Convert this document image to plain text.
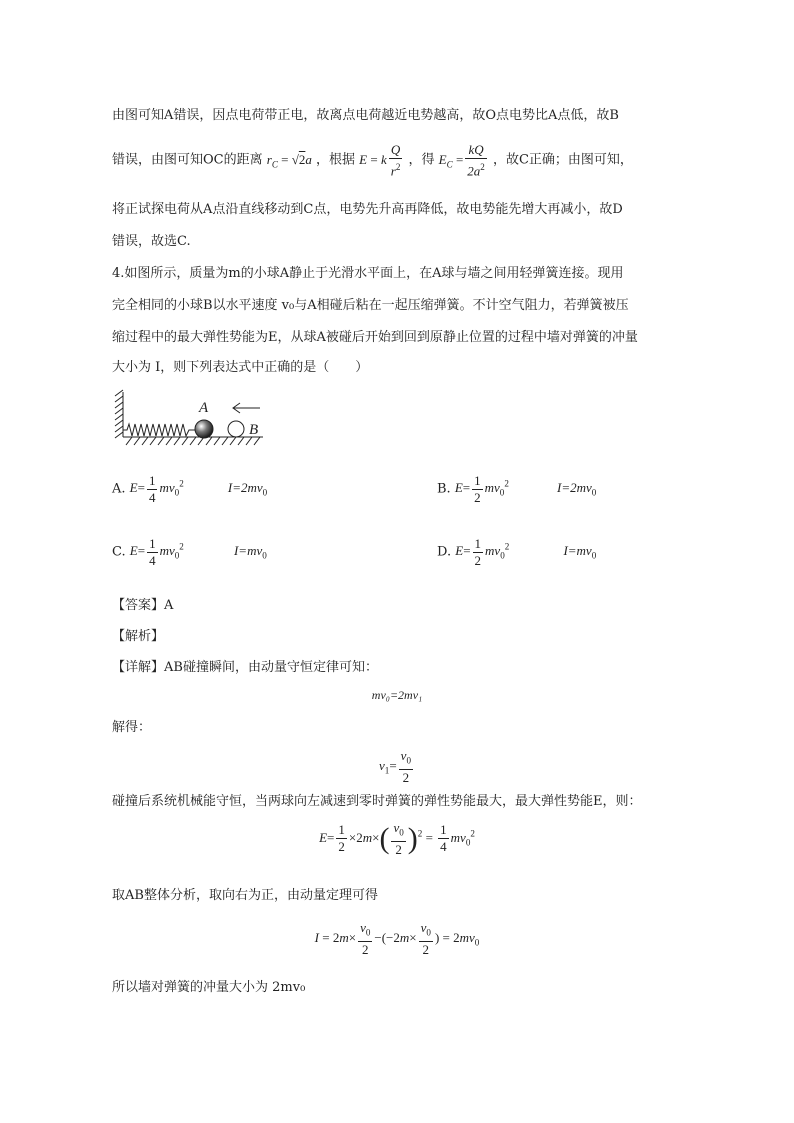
由图可知A错误，因点电荷带正电，故离点电荷越近电势越高，故O点电势比A点低，故B
错误，由图可知OC的距离 $r_C = √2a$ ，根据 E = k $\frac{Q}{r^2}$ ，得 $E_C = \frac{kQ}{2a^2}$ ，故C正确；由图可知，
将正试探电荷从A点沿直线移动到C点，电势先升高再降低，故电势能先增大再减小，故D
错误，故选C.
4.如图所示，质量为m的小球A静止于光滑水平面上，在A球与墙之间用轻弹簧连接。现用
完全相同的小球B以水平速度 v₀与A相碰后粘在一起压缩弹簧。不计空气阻力，若弹簧被压
缩过程中的最大弹性势能为E，从球A被碰后开始到回到原静止位置的过程中墙对弹簧的冲量
大小为 I，则下列表达式中正确的是（　　）
A
B
A. $E= \frac{1}{4} mv_0^2$	$I=2mv_0$	B. $E= \frac{1}{2} mv_0^2$	$I=2mv_0$
C. $E= \frac{1}{4} mv_0^2$	$I=mv_0$	D. $E= \frac{1}{2} mv_0^2$	$I=mv_0$
【答案】A
【解析】
【详解】AB碰撞瞬间，由动量守恒定律可知：
mv₀=2mv₁
解得：
$v_1= \frac{v_0}{2}$
碰撞后系统机械能守恒，当两球向左减速到零时弹簧的弹性势能最大，最大弹性势能E，则：
$E= \frac{1}{2} \times 2m\times( \frac{v_0}{2} )^2 = \frac{1}{4} mv_0^2$
取AB整体分析，取向右为正，由动量定理可得
$I = 2m\times \frac{v_0}{2} -(-2m\times \frac{v_0}{2}$ ) = $2mv_0$
所以墙对弹簧的冲量大小为 2mv₀
